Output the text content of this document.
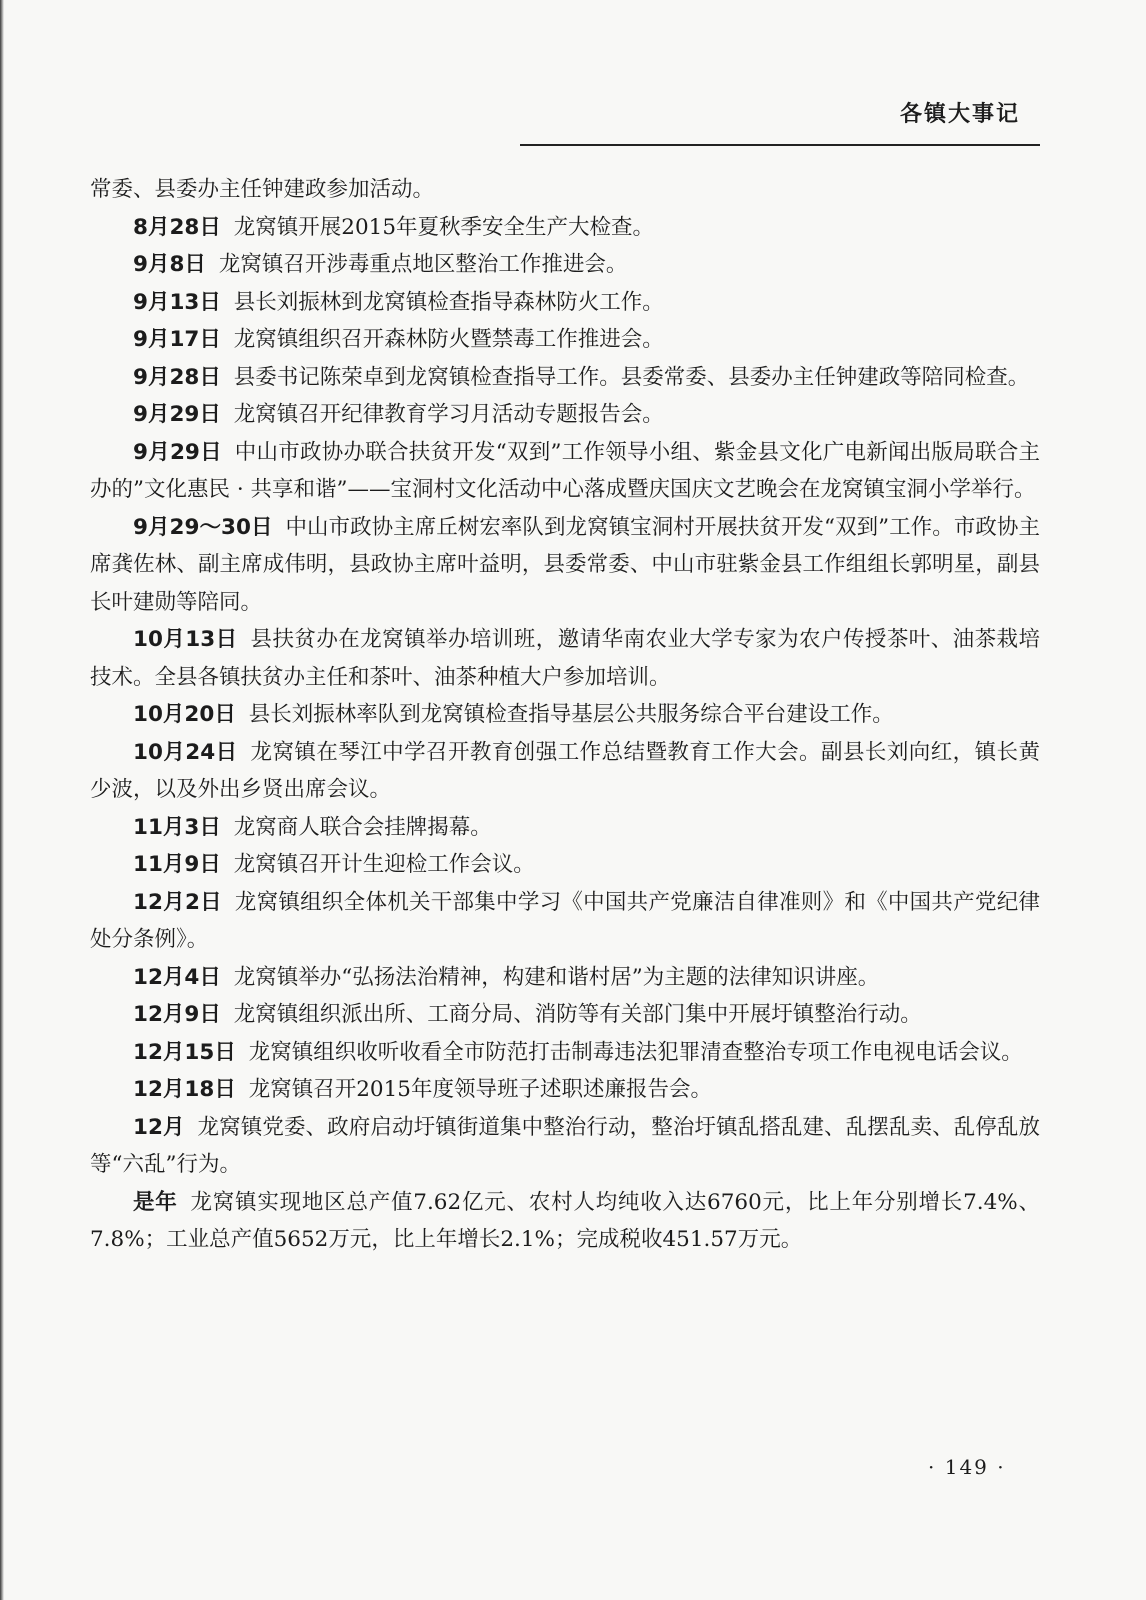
各镇大事记

常委、县委办主任钟建政参加活动。

8月28日 龙窝镇开展2015年夏秋季安全生产大检查。

9月8日 龙窝镇召开涉毒重点地区整治工作推进会。

9月13日 县长刘振林到龙窝镇检查指导森林防火工作。

9月17日 龙窝镇组织召开森林防火暨禁毒工作推进会。

9月28日 县委书记陈荣卓到龙窝镇检查指导工作。县委常委、县委办主任钟建政等陪同检查。

9月29日 龙窝镇召开纪律教育学习月活动专题报告会。

9月29日 中山市政协办联合扶贫开发“双到”工作领导小组、紫金县文化广电新闻出版局联合主办的”文化惠民 · 共享和谐”——宝洞村文化活动中心落成暨庆国庆文艺晚会在龙窝镇宝洞小学举行。

9月29～30日 中山市政协主席丘树宏率队到龙窝镇宝洞村开展扶贫开发“双到”工作。市政协主席龚佐林、副主席成伟明，县政协主席叶益明，县委常委、中山市驻紫金县工作组组长郭明星，副县长叶建勋等陪同。

10月13日 县扶贫办在龙窝镇举办培训班，邀请华南农业大学专家为农户传授茶叶、油茶栽培技术。全县各镇扶贫办主任和茶叶、油茶种植大户参加培训。

10月20日 县长刘振林率队到龙窝镇检查指导基层公共服务综合平台建设工作。

10月24日 龙窝镇在琴江中学召开教育创强工作总结暨教育工作大会。副县长刘向红，镇长黄少波，以及外出乡贤出席会议。

11月3日 龙窝商人联合会挂牌揭幕。

11月9日 龙窝镇召开计生迎检工作会议。

12月2日 龙窝镇组织全体机关干部集中学习《中国共产党廉洁自律准则》和《中国共产党纪律处分条例》。

12月4日 龙窝镇举办“弘扬法治精神，构建和谐村居”为主题的法律知识讲座。

12月9日 龙窝镇组织派出所、工商分局、消防等有关部门集中开展圩镇整治行动。

12月15日 龙窝镇组织收听收看全市防范打击制毒违法犯罪清查整治专项工作电视电话会议。

12月18日 龙窝镇召开2015年度领导班子述职述廉报告会。

12月 龙窝镇党委、政府启动圩镇街道集中整治行动，整治圩镇乱搭乱建、乱摆乱卖、乱停乱放等“六乱”行为。

是年 龙窝镇实现地区总产值7.62亿元、农村人均纯收入达6760元，比上年分别增长7.4%、7.8%；工业总产值5652万元，比上年增长2.1%；完成税收451.57万元。

· 149 ·
